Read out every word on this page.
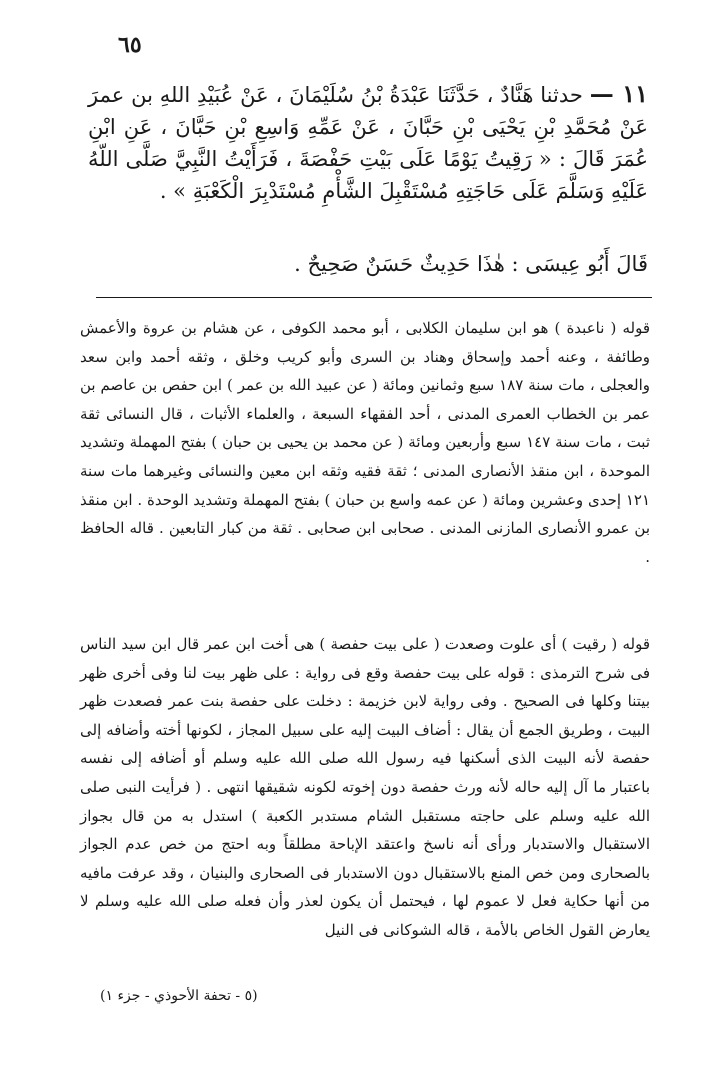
٦٥
١١ — حدثنا هَنَّادٌ ، حَدَّثَنَا عَبْدَةُ بْنُ سُلَيْمَانَ ، عَنْ عُبَيْدِ اللهِ بن عمرَ عَنْ مُحَمَّدِ بْنِ يَحْيَى بْنِ حَبَّانَ ، عَنْ عَمِّهِ وَاسِعِ بْنِ حَبَّانَ ، عَنِ ابْنِ عُمَرَ قَالَ : « رَقِيتُ يَوْمًا عَلَى بَيْتِ حَفْصَةَ ، فَرَأَيْتُ النَّبِيَّ صَلَّى اللّهُ عَلَيْهِ وَسَلَّمَ عَلَى حَاجَتِهِ مُسْتَقْبِلَ الشَّأْمِ مُسْتَدْبِرَ الْكَعْبَةِ » .
قَالَ أَبُو عِيسَى : هٰذَا حَدِيثٌ حَسَنٌ صَحِيحٌ .
قوله ( ناعبدة ) هو ابن سليمان الكلابى ، أبو محمد الكوفى ، عن هشام بن عروة والأعمش وطائفة ، وعنه أحمد وإسحاق وهناد بن السرى وأبو كريب وخلق ، وثقه أحمد وابن سعد والعجلى ، مات سنة ١٨٧ سبع وثمانين ومائة ( عن عبيد الله بن عمر ) ابن حفص بن عاصم بن عمر بن الخطاب العمرى المدنى ، أحد الفقهاء السبعة ، والعلماء الأثبات ، قال النسائى ثقة ثبت ، مات سنة ١٤٧ سبع وأربعين ومائة ( عن محمد بن يحيى بن حبان ) بفتح المهملة وتشديد الموحدة ، ابن منقذ الأنصارى المدنى ؛ ثقة فقيه وثقه ابن معين والنسائى وغيرهما مات سنة ١٢١ إحدى وعشرين ومائة ( عن عمه واسع بن حبان ) بفتح المهملة وتشديد الوحدة . ابن منقذ بن عمرو الأنصارى المازنى المدنى . صحابى ابن صحابى . ثقة من كبار التابعين . قاله الحافظ .
قوله ( رقيت ) أى علوت وصعدت ( على بيت حفصة ) هى أخت ابن عمر قال ابن سيد الناس فى شرح الترمذى : قوله على بيت حفصة وقع فى رواية : على ظهر بيت لنا وفى أخرى ظهر بيتنا وكلها فى الصحيح . وفى رواية لابن خزيمة : دخلت على حفصة بنت عمر فصعدت ظهر البيت ، وطريق الجمع أن يقال : أضاف البيت إليه على سبيل المجاز ، لكونها أخته وأضافه إلى حفصة لأنه البيت الذى أسكنها فيه رسول الله صلى الله عليه وسلم أو أضافه إلى نفسه باعتبار ما آل إليه حاله لأنه ورث حفصة دون إخوته لكونه شقيقها انتهى . ( فرأيت النبى صلى الله عليه وسلم على حاجته مستقبل الشام مستدبر الكعبة ) استدل به من قال بجواز الاستقبال والاستدبار ورأى أنه ناسخ واعتقد الإباحة مطلقاً وبه احتج من خص عدم الجواز بالصحارى ومن خص المنع بالاستقبال دون الاستدبار فى الصحارى والبنيان ، وقد عرفت مافيه من أنها حكاية فعل لا عموم لها ، فيحتمل أن يكون لعذر وأن فعله صلى الله عليه وسلم لا يعارض القول الخاص بالأمة ، قاله الشوكانى فى النيل
(٥ - تحفة الأحوذي - جزء ١)
